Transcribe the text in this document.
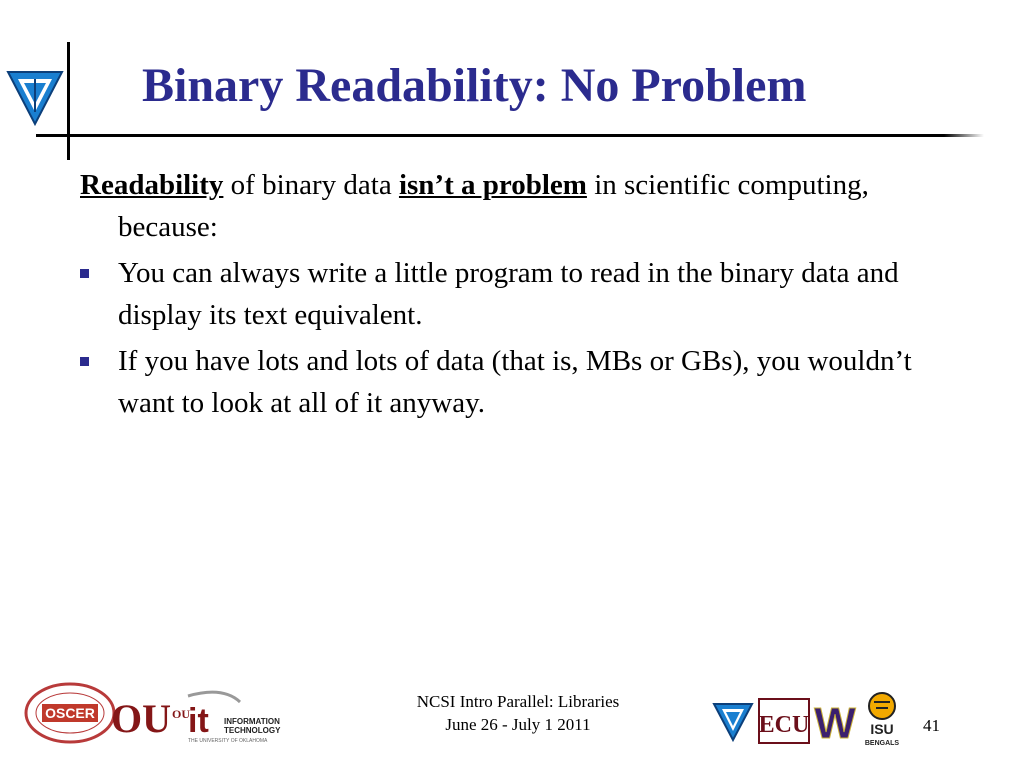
Binary Readability: No Problem

Readability of binary data isn’t a problem in scientific computing, because:

You can always write a little program to read in the binary data and display its text equivalent.
If you have lots and lots of data (that is, MBs or GBs), you wouldn’t want to look at all of it anyway.
OSCER OU OU
it INFORMATION
TECHNOLOGY
THE UNIVERSITY OF OKLAHOMA
NCSI Intro Parallel: Libraries
June 26 - July 1 2011	ECU W ISU
BENGALS
41
